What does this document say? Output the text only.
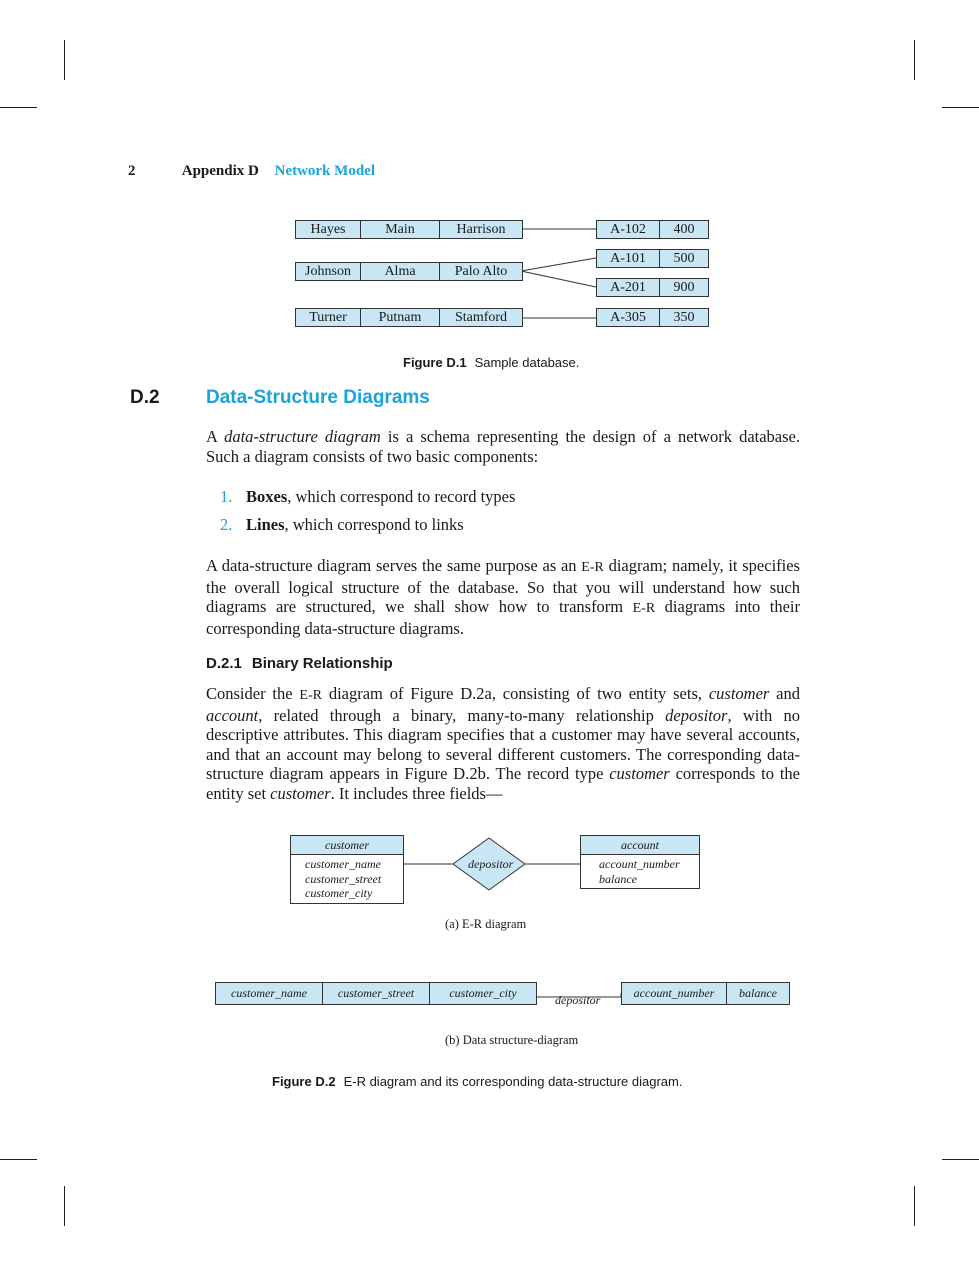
2	Appendix D Network Model
Hayes	Main	Harrison
Johnson	Alma	Palo Alto
Turner	Putnam	Stamford
A-102	400
A-101	500
A-201	900
A-305	350
Figure D.1 Sample database.
D.2 Data-Structure Diagrams
A data-structure diagram is a schema representing the design of a network database. Such a diagram consists of two basic components:
1. Boxes, which correspond to record types
2. Lines, which correspond to links
A data-structure diagram serves the same purpose as an E-R diagram; namely, it specifies the overall logical structure of the database. So that you will understand how such diagrams are structured, we shall show how to transform E-R diagrams into their corresponding data-structure diagrams.
D.2.1 Binary Relationship
Consider the E-R diagram of Figure D.2a, consisting of two entity sets, customer and account, related through a binary, many-to-many relationship depositor, with no descriptive attributes. This diagram specifies that a customer may have several accounts, and that an account may belong to several different customers. The corresponding data-structure diagram appears in Figure D.2b. The record type customer corresponds to the entity set customer. It includes three fields—
customer
customer_name
customer_street
customer_city
depositor
account
account_number
balance
(a) E-R diagram
customer_name	customer_street	customer_city	depositor	account_number	balance
(b) Data structure-diagram
Figure D.2 E-R diagram and its corresponding data-structure diagram.
